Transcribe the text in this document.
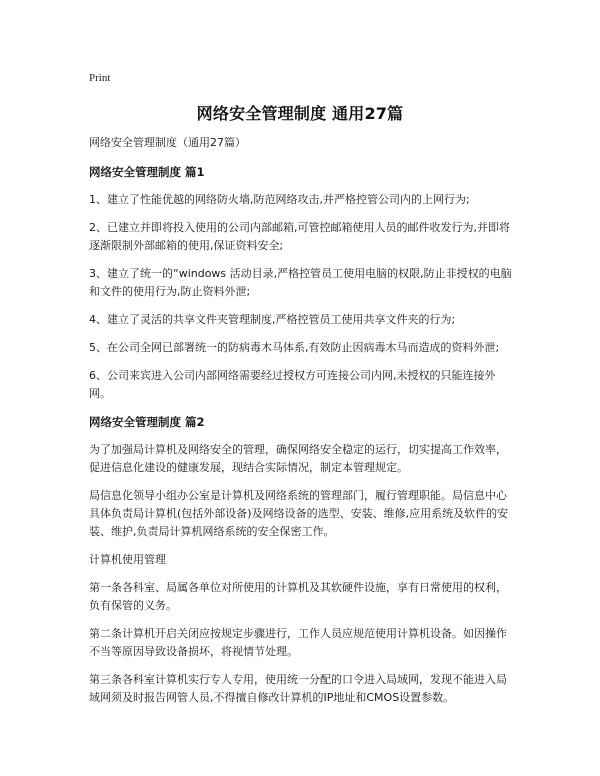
Print
网络安全管理制度 通用27篇

网络安全管理制度（通用27篇）

网络安全管理制度 篇1

1、建立了性能优越的网络防火墙,防范网络攻击,并严格控管公司内的上网行为;

2、已建立并即将投入使用的公司内部邮箱,可管控邮箱使用人员的邮件收发行为,并即将逐渐限制外部邮箱的使用,保证资料安全;

3、建立了统一的“windows 活动目录,严格控管员工使用电脑的权限,防止非授权的电脑和文件的使用行为,防止资料外泄;

4、建立了灵活的共享文件夹管理制度,严格控管员工使用共享文件夹的行为;

5、在公司全网已部署统一的防病毒木马体系,有效防止因病毒木马而造成的资料外泄;

6、公司来宾进入公司内部网络需要经过授权方可连接公司内网,未授权的只能连接外网。

网络安全管理制度 篇2

为了加强局计算机及网络安全的管理，确保网络安全稳定的运行，切实提高工作效率，促进信息化建设的健康发展，现结合实际情况，制定本管理规定。

局信息化领导小组办公室是计算机及网络系统的管理部门，履行管理职能。局信息中心具体负责局计算机(包括外部设备)及网络设备的选型、安装、维修,应用系统及软件的安装、维护,负责局计算机网络系统的安全保密工作。

计算机使用管理

第一条各科室、局属各单位对所使用的计算机及其软硬件设施，享有日常使用的权利，负有保管的义务。

第二条计算机开启关闭应按规定步骤进行，工作人员应规范使用计算机设备。如因操作不当等原因导致设备损坏，将视情节处理。

第三条各科室计算机实行专人专用，使用统一分配的口令进入局域网，发现不能进入局域网须及时报告网管人员,不得擅自修改计算机的IP地址和CMOS设置参数。
